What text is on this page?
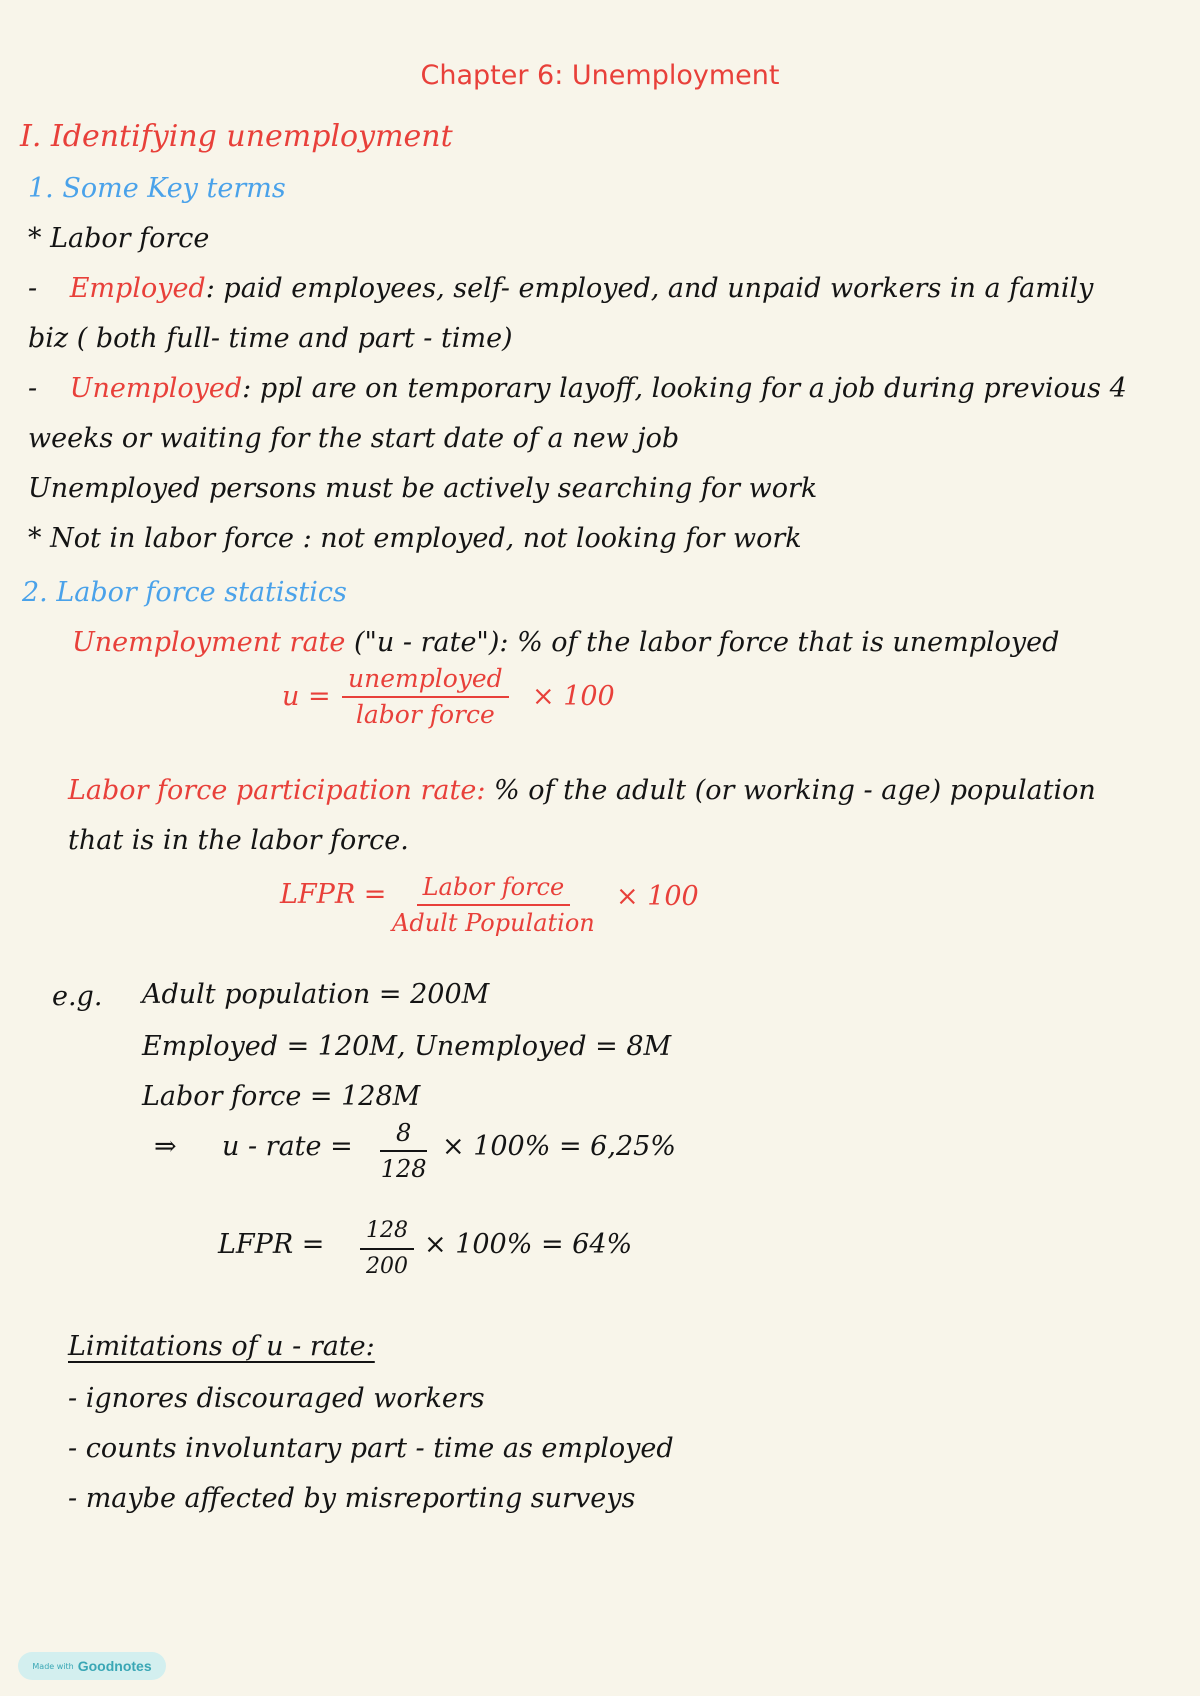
Chapter 6: Unemployment
I. Identifying unemployment
1. Some Key terms
* Labor force
- Employed: paid employees, self- employed, and unpaid workers in a family
biz ( both full- time and part - time)
- Unemployed: ppl are on temporary layoff, looking for a job during previous 4
weeks or waiting for the start date of a new job
Unemployed persons must be actively searching for work
* Not in labor force : not employed, not looking for work
2. Labor force statistics
Unemployment rate ("u - rate"): % of the labor force that is unemployed
u =
unemployed
labor force
× 100
Labor force participation rate: % of the adult (or working - age) population
that is in the labor force.
LFPR = Labor force
Adult Population
× 100
e.g. Adult population = 200M
Employed = 120M, Unemployed = 8M
Labor force = 128M
⇒ u - rate = $\frac{8}{128} \times 100\% = 6,25\%$
LFPR = $\frac{128}{200} \times 100\% = 64\%$
Limitations of u - rate:
- ignores discouraged workers
- counts involuntary part - time as employed
- maybe affected by misreporting surveys
Made with Goodnotes
